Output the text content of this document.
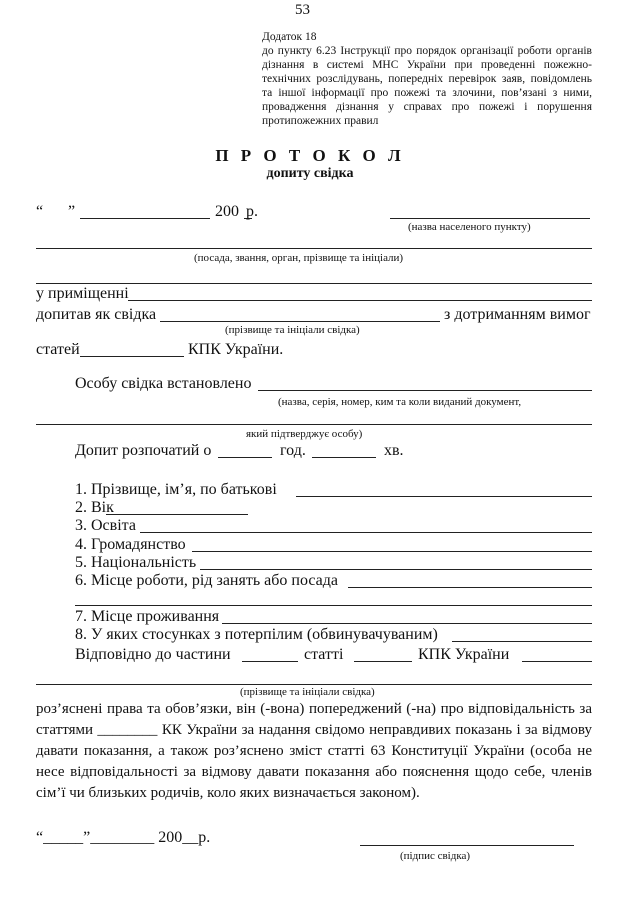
53
Додаток 18
до пункту 6.23 Інструкції про порядок організації роботи органів дізнання в системі МНС України при проведенні пожежно-технічних розслідувань, попередніх перевірок заяв, повідомлень та іншої інформації про пожежі та злочини, пов’язані з ними, провадження дізнання у справах про пожежі і порушення протипожежних правил
П Р О Т О К О Л
допиту свідка
“ ”	200 р.
(назва населеного пункту)
(посада, звання, орган, прізвище та ініціали)
у приміщенні
допитав як свідка	з дотриманням вимог
(прізвище та ініціали свідка)
статей	КПК України.
Особу свідка встановлено
(назва, серія, номер, ким та коли виданий документ,
який підтверджує особу)
Допит розпочатий о	год.	хв.
1. Прізвище, ім’я, по батькові
2. Вік
3. Освіта
4. Громадянство
5. Національність
6. Місце роботи, рід занять або посада
7. Місце проживання
8. У яких стосунках з потерпілим (обвинувачуваним)
Відповідно до частини	статті	КПК України
(прізвище та ініціали свідка)
роз’яснені права та обов’язки, він (-вона) попереджений (-на) про відповідальність за статтями ________ КК України за надання свідомо неправдивих показань і за відмову давати показання, а також роз’яснено зміст статті 63 Конституції України (особа не несе відповідальності за відмову давати показання або пояснення щодо себе, членів сім’ї чи близьких родичів, коло яких визначається законом).
“_____”________ 200__р.
(підпис свідка)
